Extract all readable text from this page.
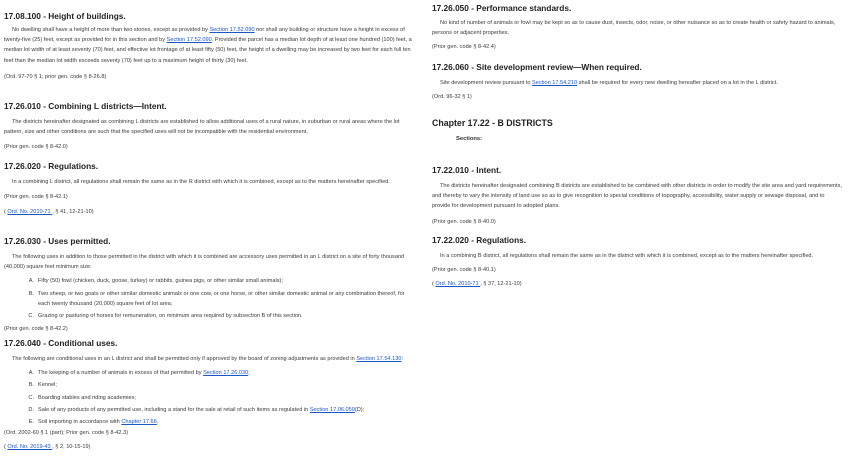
17.08.100 - Height of buildings.

No dwelling shall have a height of more than two stories, except as provided by Section 17.52.090 nor shall any building or structure have a height in excess of twenty-five (25) feet, except as provided for in this section and by Section 17.52.090. Provided the parcel has a median lot depth of at least one hundred (100) feet, a median lot width of at least seventy (70) feet, and effective lot frontage of at least fifty (50) feet, the height of a dwelling may be increased by two feet for each full ten feet than the median lot width exceeds seventy (70) feet up to a maximum height of thirty (30) feet.

(Ord. 97-70 § 1; prior gen. code § 8-26.8)

17.26.010 - Combining L districts—Intent.

The districts hereinafter designated as combining L districts are established to allow additional uses of a rural nature, in suburban or rural areas where the lot pattern, size and other conditions are such that the specified uses will not be incompatible with the residential environment.

(Prior gen. code § 8-42.0)

17.26.020 - Regulations.

In a combining L district, all regulations shall remain the same as in the R district with which it is combined, except as to the matters hereinafter specified.

(Prior gen. code § 8-42.1)

( Ord. No. 2010-71 , § 41, 12-21-10)

17.26.030 - Uses permitted.

The following uses in addition to those permitted in the district with which it is combined are accessory uses permitted in an L district on a site of forty thousand (40,000) square feet minimum size:

A. Fifty (50) fowl (chicken, duck, goose, turkey) or rabbits, guinea pigs, or other similar small animals);
B. Two sheep, or two goats or other similar domestic animals or one cow, or one horse, or other similar domestic animal or any combination thereof, for each twenty thousand (20,000) square feet of lot area;
C. Grazing or pasturing of horses for remuneration, on minimum area required by subsection B of this section.

(Prior gen. code § 8-42.2)

17.26.040 - Conditional uses.

The following are conditional uses in an L district and shall be permitted only if approved by the board of zoning adjustments as provided in Section 17.54.130:

A. The keeping of a number of animals in excess of that permitted by Section 17.26.030;
B. Kennel;
C. Boarding stables and riding academies;
D. Sale of any products of any permitted use, including a stand for the sale at retail of such items as regulated in Section 17.06.050(D);
E. Soil importing in accordance with Chapter 17.66.

(Ord. 2002-60 § 1 (part); Prior gen. code § 8-42.3)

( Ord. No. 2019-43 , § 2, 10-15-19)

17.26.050 - Performance standards.

No kind of number of animals or fowl may be kept so as to cause dust, insects, odor, noise, or other nuisance so as to create health or safety hazard to animals, persons or adjacent properties.

(Prior gen. code § 8-42.4)

17.26.060 - Site development review—When required.

Site development review pursuant to Section 17.54.210 shall be required for every new dwelling hereafter placed on a lot in the L district.

(Ord. 96-32 § 1)

Chapter 17.22 - B DISTRICTS

Sections:

17.22.010 - Intent.

The districts hereinafter designated combining B districts are established to be combined with other districts in order to modify the site area and yard requirements, and thereby to vary the intensity of land use so as to give recognition to special conditions of topography, accessibility, water supply or sewage disposal, and to provide for development pursuant to adopted plans.

(Prior gen. code § 8-40.0)

17.22.020 - Regulations.

In a combining B district, all regulations shall remain the same as in the district with which it is combined, except as to the matters hereinafter specified.

(Prior gen. code § 8-40.1)

( Ord. No. 2010-71 , § 37, 12-21-10)
